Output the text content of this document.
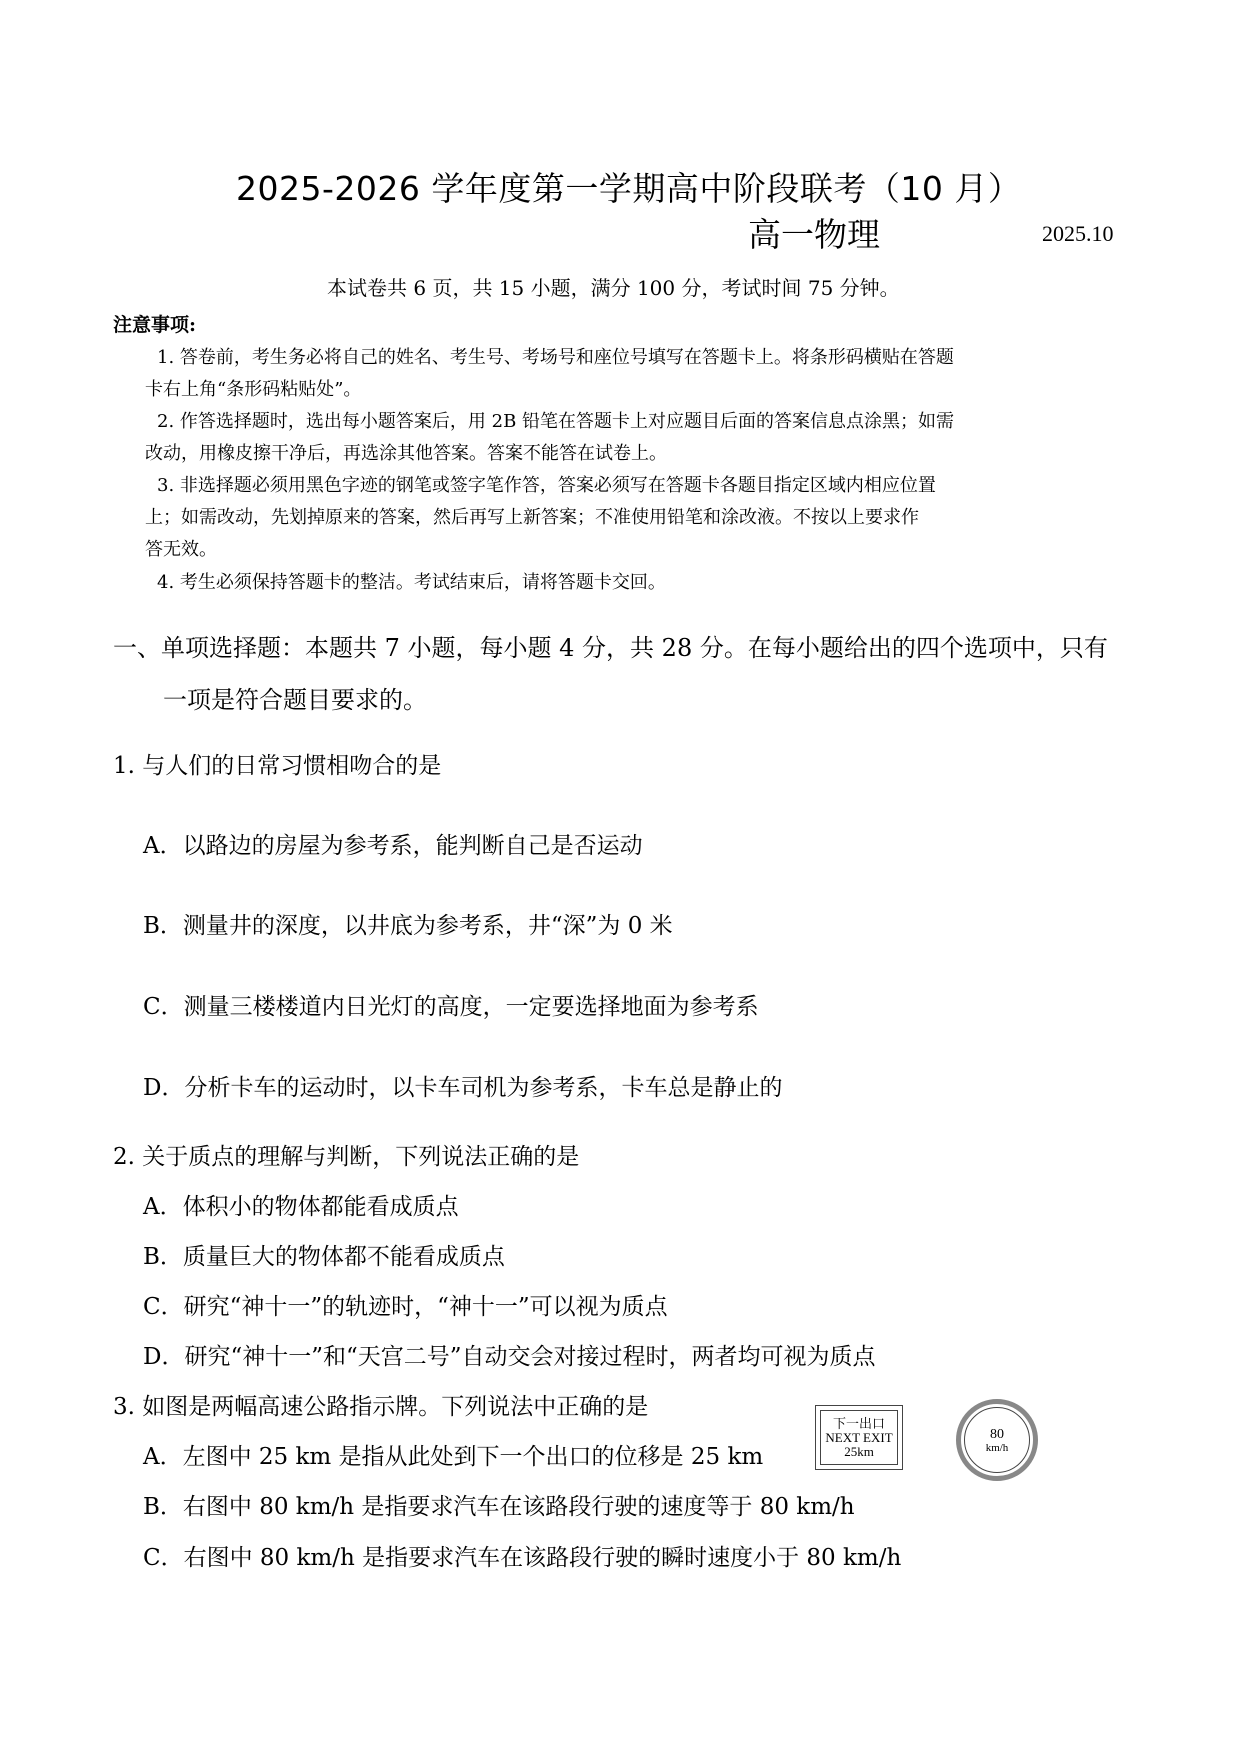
2025-2026 学年度第一学期高中阶段联考（10 月）
高一物理	2025.10
本试卷共 6 页，共 15 小题，满分 100 分，考试时间 75 分钟。
注意事项:
1. 答卷前，考生务必将自己的姓名、考生号、考场号和座位号填写在答题卡上。将条形码横贴在答题
卡右上角“条形码粘贴处”。
2. 作答选择题时，选出每小题答案后，用 2B 铅笔在答题卡上对应题目后面的答案信息点涂黑；如需
改动，用橡皮擦干净后，再选涂其他答案。答案不能答在试卷上。
3. 非选择题必须用黑色字迹的钢笔或签字笔作答，答案必须写在答题卡各题目指定区域内相应位置
上；如需改动，先划掉原来的答案，然后再写上新答案；不准使用铅笔和涂改液。不按以上要求作
答无效。
4. 考生必须保持答题卡的整洁。考试结束后，请将答题卡交回。
一、单项选择题：本题共 7 小题，每小题 4 分，共 28 分。在每小题给出的四个选项中，只有
一项是符合题目要求的。
1. 与人们的日常习惯相吻合的是
A．以路边的房屋为参考系，能判断自己是否运动
B．测量井的深度，以井底为参考系，井“深”为 0 米
C．测量三楼楼道内日光灯的高度，一定要选择地面为参考系
D．分析卡车的运动时，以卡车司机为参考系，卡车总是静止的
2. 关于质点的理解与判断，下列说法正确的是
A．体积小的物体都能看成质点
B．质量巨大的物体都不能看成质点
C．研究“神十一”的轨迹时，“神十一”可以视为质点
D．研究“神十一”和“天宫二号”自动交会对接过程时，两者均可视为质点
3. 如图是两幅高速公路指示牌。下列说法中正确的是
A．左图中 25 km 是指从此处到下一个出口的位移是 25 km
B．右图中 80 km/h 是指要求汽车在该路段行驶的速度等于 80 km/h
C．右图中 80 km/h 是指要求汽车在该路段行驶的瞬时速度小于 80 km/h
下一出口
NEXT EXIT
25km
80
km/h
